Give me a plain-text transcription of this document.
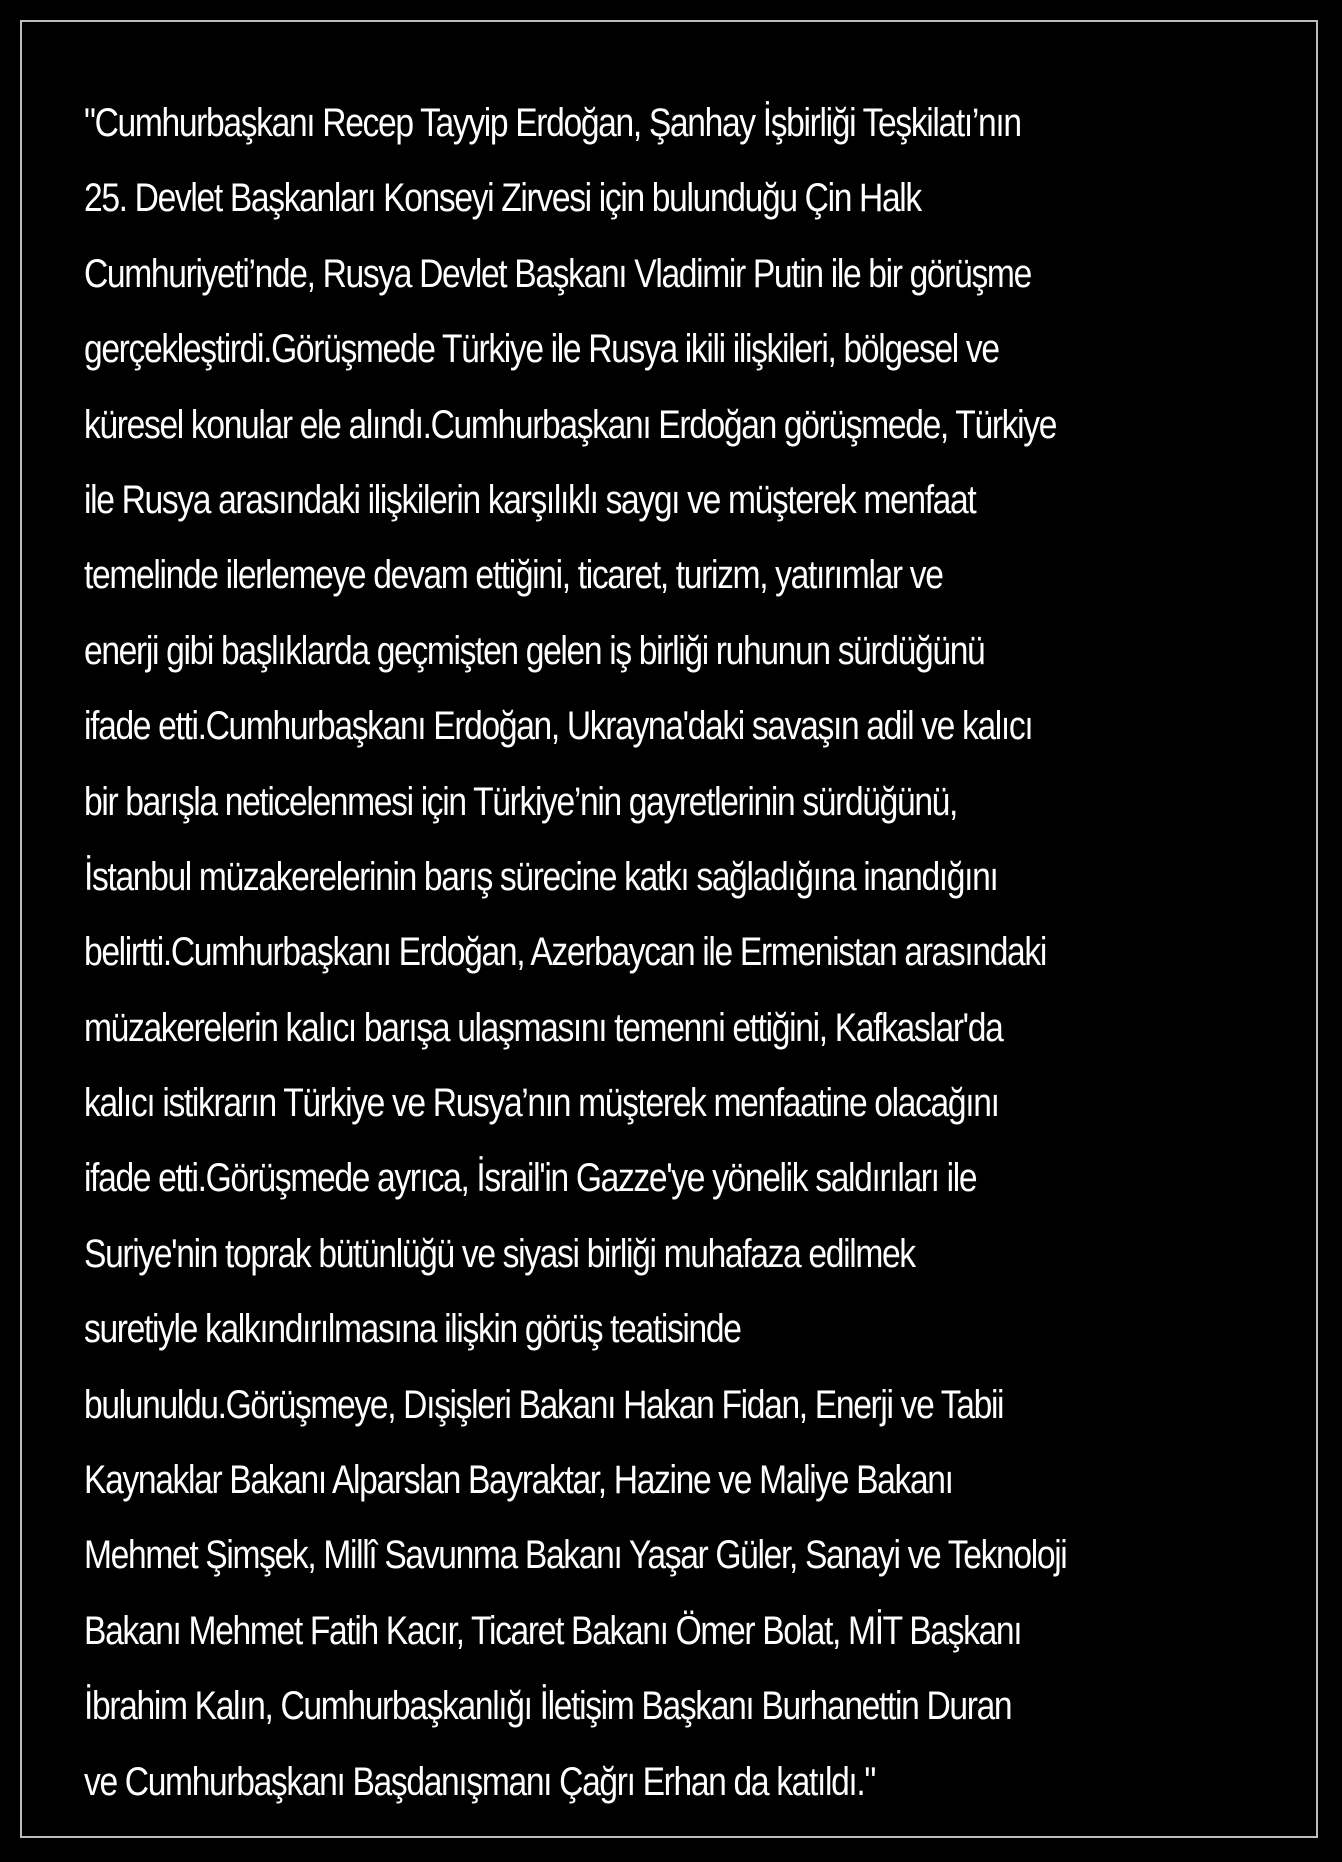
"Cumhurbaşkanı Recep Tayyip Erdoğan, Şanhay İşbirliği Teşkilatı’nın
25. Devlet Başkanları Konseyi Zirvesi için bulunduğu Çin Halk
Cumhuriyeti’nde, Rusya Devlet Başkanı Vladimir Putin ile bir görüşme
gerçekleştirdi.Görüşmede Türkiye ile Rusya ikili ilişkileri, bölgesel ve
küresel konular ele alındı.Cumhurbaşkanı Erdoğan görüşmede, Türkiye
ile Rusya arasındaki ilişkilerin karşılıklı saygı ve müşterek menfaat
temelinde ilerlemeye devam ettiğini, ticaret, turizm, yatırımlar ve
enerji gibi başlıklarda geçmişten gelen iş birliği ruhunun sürdüğünü
ifade etti.Cumhurbaşkanı Erdoğan, Ukrayna'daki savaşın adil ve kalıcı
bir barışla neticelenmesi için Türkiye’nin gayretlerinin sürdüğünü,
İstanbul müzakerelerinin barış sürecine katkı sağladığına inandığını
belirtti.Cumhurbaşkanı Erdoğan, Azerbaycan ile Ermenistan arasındaki
müzakerelerin kalıcı barışa ulaşmasını temenni ettiğini, Kafkaslar'da
kalıcı istikrarın Türkiye ve Rusya’nın müşterek menfaatine olacağını
ifade etti.Görüşmede ayrıca, İsrail'in Gazze'ye yönelik saldırıları ile
Suriye'nin toprak bütünlüğü ve siyasi birliği muhafaza edilmek
suretiyle kalkındırılmasına ilişkin görüş teatisinde
bulunuldu.Görüşmeye, Dışişleri Bakanı Hakan Fidan, Enerji ve Tabii
Kaynaklar Bakanı Alparslan Bayraktar, Hazine ve Maliye Bakanı
Mehmet Şimşek, Millî Savunma Bakanı Yaşar Güler, Sanayi ve Teknoloji
Bakanı Mehmet Fatih Kacır, Ticaret Bakanı Ömer Bolat, MİT Başkanı
İbrahim Kalın, Cumhurbaşkanlığı İletişim Başkanı Burhanettin Duran
ve Cumhurbaşkanı Başdanışmanı Çağrı Erhan da katıldı."
